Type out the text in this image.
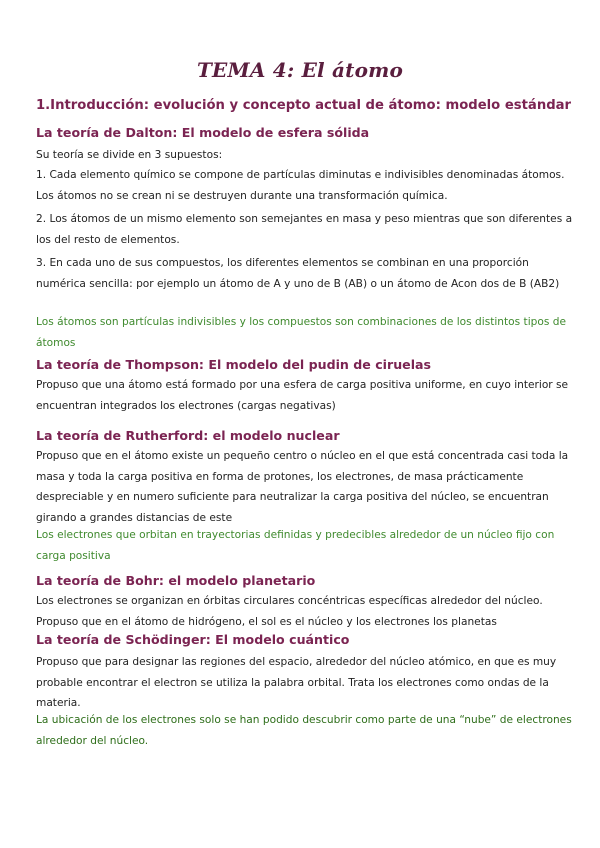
TEMA 4: El átomo
1.Introducción: evolución y concepto actual de átomo: modelo estándar
La teoría de Dalton: El modelo de esfera sólida
Su teoría se divide en 3 supuestos:
1. Cada elemento químico se compone de partículas diminutas e indivisibles denominadas átomos. Los átomos no se crean ni se destruyen durante una transformación química.
2. Los átomos de un mismo elemento son semejantes en masa y peso mientras que son diferentes a los del resto de elementos.
3. En cada uno de sus compuestos, los diferentes elementos se combinan en una proporción numérica sencilla: por ejemplo un átomo de A y uno de B (AB) o un átomo de Acon dos de B (AB2)
Los átomos son partículas indivisibles y los compuestos son combinaciones de los distintos tipos de átomos
La teoría de Thompson: El modelo del pudin de ciruelas
Propuso que una átomo está formado por una esfera de carga positiva uniforme, en cuyo interior se encuentran integrados los electrones (cargas negativas)
La teoría de Rutherford: el modelo nuclear
Propuso que en el átomo existe un pequeño centro o núcleo en el que está concentrada casi toda la masa y toda la carga positiva en forma de protones, los electrones, de masa prácticamente despreciable y en numero suficiente para neutralizar la carga positiva del núcleo, se encuentran girando a grandes distancias de este
Los electrones que orbitan en trayectorias definidas y predecibles alrededor de un núcleo fijo con carga positiva
La teoría de Bohr: el modelo planetario
Los electrones se organizan en órbitas circulares concéntricas específicas alrededor del núcleo. Propuso que en el átomo de hidrógeno, el sol es el núcleo y los electrones los planetas
La teoría de Schödinger: El modelo cuántico
Propuso que para designar las regiones del espacio, alrededor del núcleo atómico, en que es muy probable encontrar el electron se utiliza la palabra orbital. Trata los electrones como ondas de la materia.
La ubicación de los electrones solo se han podido descubrir como parte de una “nube” de electrones alrededor del núcleo.
